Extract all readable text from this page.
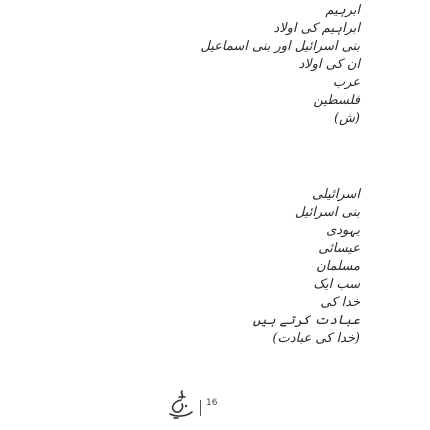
ابرہیم
ابراہیم کی اولاد
بنی اسرائیل اور بنی اسماعیل
ان کی اولاد
عرب
فلسطین
(ش)
اسرائیلی
بنی اسرائیل
یہودی
عیسائی
مسلمان
سب ایک
خدا کی
عبادت کرتے ہیں
(خدا کی عبادت)
16
